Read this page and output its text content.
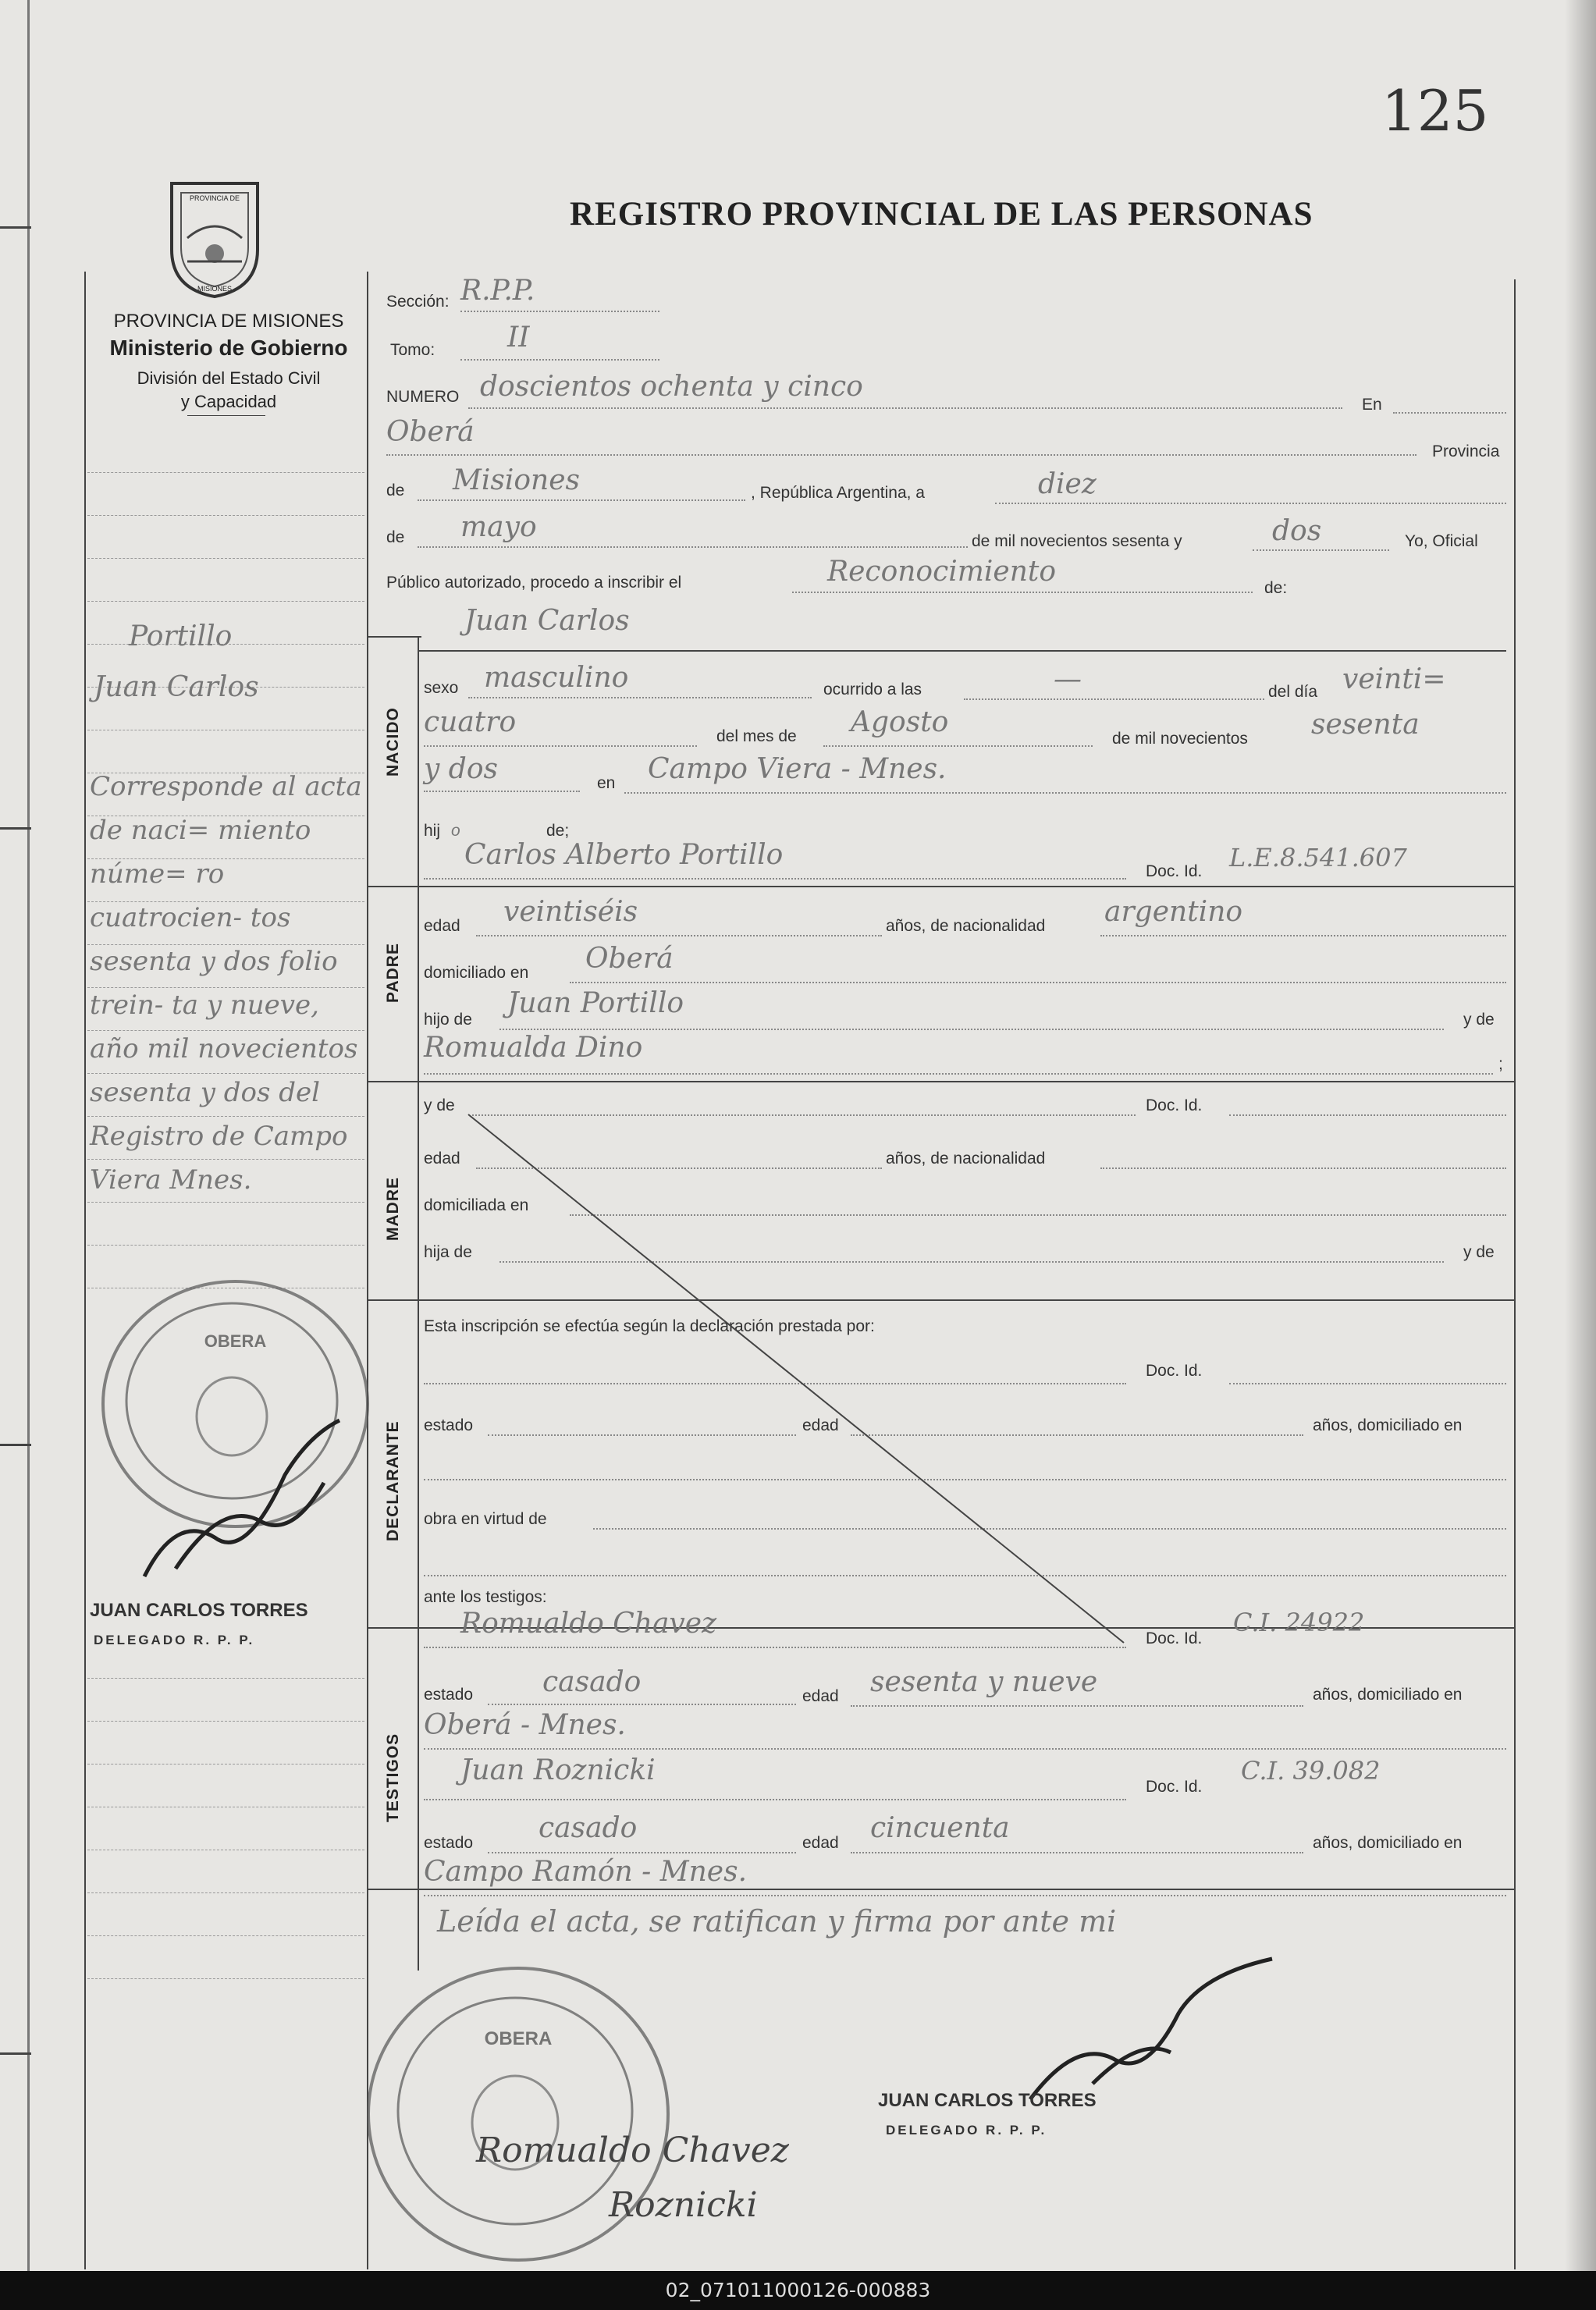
125
REGISTRO PROVINCIAL DE LAS PERSONAS
PROVINCIA DE
MISIONES
PROVINCIA DE MISIONES
Ministerio de Gobierno
División del Estado Civil
y Capacidad
Portillo
Juan Carlos
Corresponde al acta de naci= miento núme= ro cuatrocien- tos sesenta y dos folio trein- ta y nueve, año mil novecientos sesenta y dos del Registro de Campo Viera Mnes.
Sección: R.P.P.
Tomo:	II
NUMERO doscientos ochenta y cinco
En
Oberá
Provincia
de Misiones	, República Argentina, a	diez
de mayo	de mil novecientos sesenta y	dos	Yo, Oficial
Público autorizado, procedo a inscribir el	Reconocimiento
de:
Juan Carlos
NACIDO
PADRE
MADRE
DECLARANTE
TESTIGOS
sexo masculino	ocurrido a las	—	del día veinti=
cuatro	del mes de Agosto
de mil novecientos sesenta
y dos	en Campo Viera - Mnes.
hij o	de;
Carlos Alberto Portillo
Doc. Id. L.E.8.541.607
edad veintiséis	años, de nacionalidad argentino
domiciliado en Oberá
hijo de
Juan Portillo
y de
Romualda Dino
;
y de	Doc. Id.
edad	años, de nacionalidad
domiciliada en
hija de	y de
Esta inscripción se efectúa según la declaración prestada por:
Doc. Id.
estado	edad	años, domiciliado en
obra en virtud de
ante los testigos:
Romualdo Chavez	Doc. Id.
C.I. 24922
estado casado	edad sesenta y nueve	años, domiciliado en
Oberá - Mnes.
Juan Roznicki
Doc. Id.
C.I. 39.082
estado casado	edad cincuenta	años, domiciliado en
Campo Ramón - Mnes.
Leída el acta, se ratifican y firma por ante mi
OBERA
JUAN CARLOS TORRES
DELEGADO R. P. P.
OBERA
JUAN CARLOS TORRES
DELEGADO R. P. P.
Romualdo Chavez
Roznicki
02_071011000126-000883
